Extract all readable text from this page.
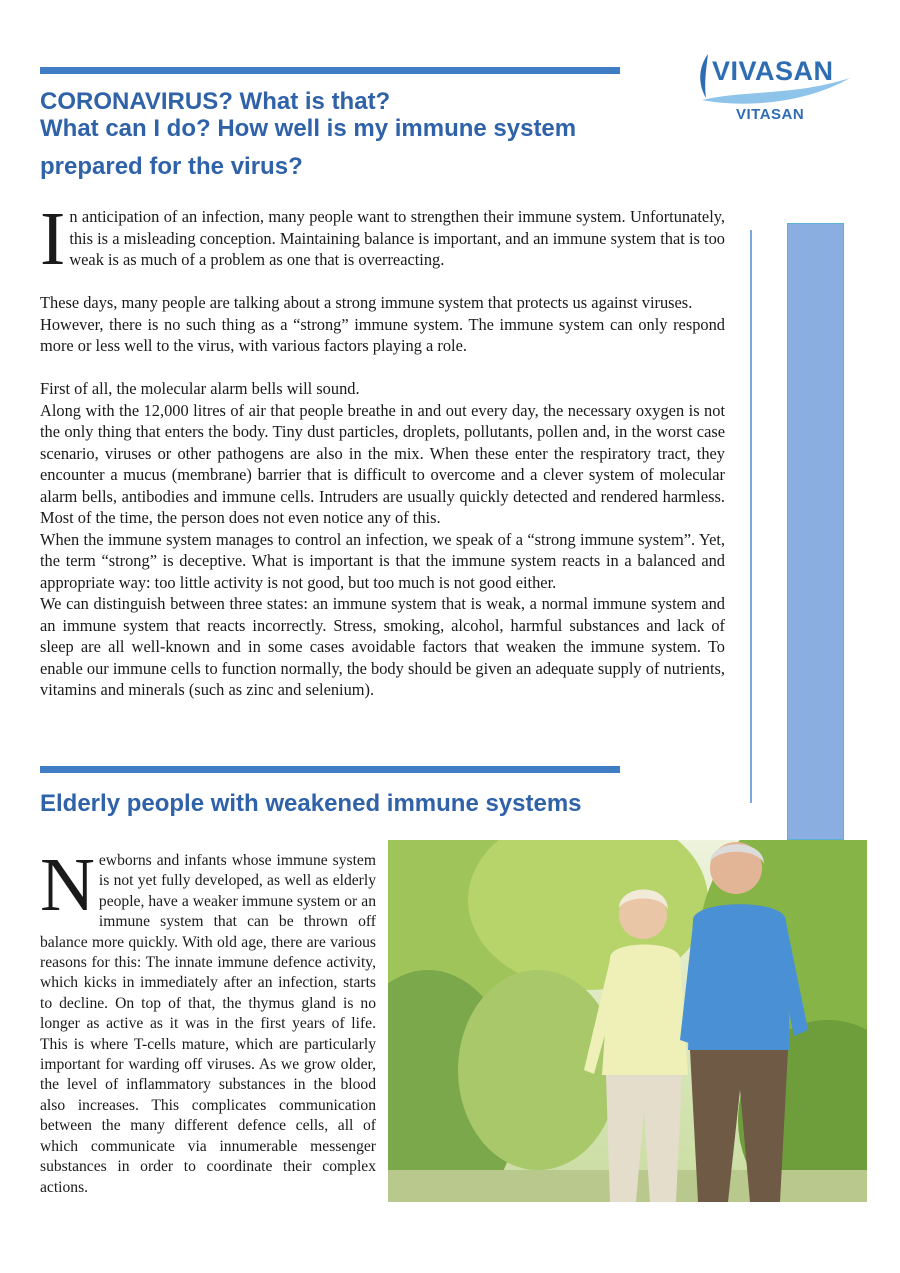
VIVASAN
VITASAN
CORONAVIRUS? What is that?
What can I do? How well is my immune system
prepared for the virus?

In anticipation of an infection, many people want to strengthen their immune system. Unfortunately, this is a misleading conception. Maintaining balance is important, and an immune system that is too weak is as much of a problem as one that is overreacting.

These days, many people are talking about a strong immune system that protects us against viruses.

However, there is no such thing as a “strong” immune system. The immune system can only respond more or less well to the virus, with various factors playing a role.

First of all, the molecular alarm bells will sound.

Along with the 12,000 litres of air that people breathe in and out every day, the necessary oxygen is not the only thing that enters the body. Tiny dust particles, droplets, pollutants, pollen and, in the worst case scenario, viruses or other pathogens are also in the mix. When these enter the respiratory tract, they encounter a mucus (membrane) barrier that is difficult to overcome and a clever system of molecular alarm bells, antibodies and immune cells. Intruders are usually quickly detected and rendered harmless. Most of the time, the person does not even notice any of this.

When the immune system manages to control an infection, we speak of a “strong immune system”. Yet, the term “strong” is deceptive. What is important is that the immune system reacts in a balanced and appropriate way: too little activity is not good, but too much is not good either.

We can distinguish between three states: an immune system that is weak, a normal immune system and an immune system that reacts incorrectly. Stress, smoking, alcohol, harmful substances and lack of sleep are all well-known and in some cases avoidable factors that weaken the immune system. To enable our immune cells to function normally, the body should be given an adequate supply of nutrients, vitamins and minerals (such as zinc and selenium).

Elderly people with weakened immune systems

Newborns and infants whose immune system is not yet fully developed, as well as elderly people, have a weaker immune system or an immune system that can be thrown off balance more quickly. With old age, there are various reasons for this: The innate immune defence activity, which kicks in immediately after an infection, starts to decline. On top of that, the thymus gland is no longer as active as it was in the first years of life. This is where T-cells mature, which are particularly important for warding off viruses. As we grow older, the level of inflammatory substances in the blood also increases. This complicates communication between the many different defence cells, all of which communicate via innumerable messenger substances in order to coordinate their complex actions.
